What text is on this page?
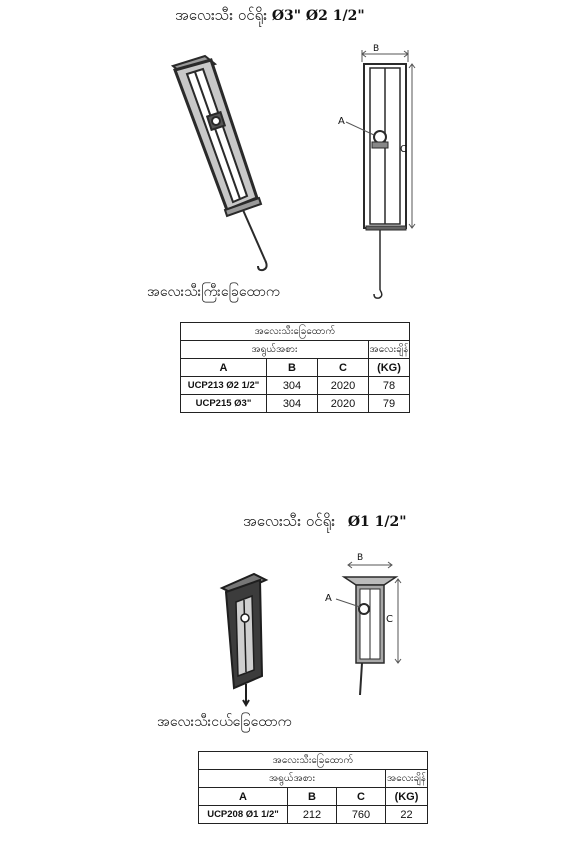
အလေးသီး ဝင်ရိုး Ø3" Ø2 1/2"
B
A
C
အလေးသီးကြီးခြေထောက
အလေးသီးခြေထောက်			
အရွယ်အစား			အလေးချိန်
A	B	C	(KG)
UCP213 Ø2 1/2"	304	2020	78
UCP215 Ø3"	304	2020	79
အလေးသီး ဝင်ရိုး Ø1 1/2"
B
A
C
အလေးသီးငယ်ခြေထောက
အလေးသီးခြေထောက်			
အရွယ်အစား			အလေးချိန်
A	B	C	(KG)
UCP208 Ø1 1/2"	212	760	22
